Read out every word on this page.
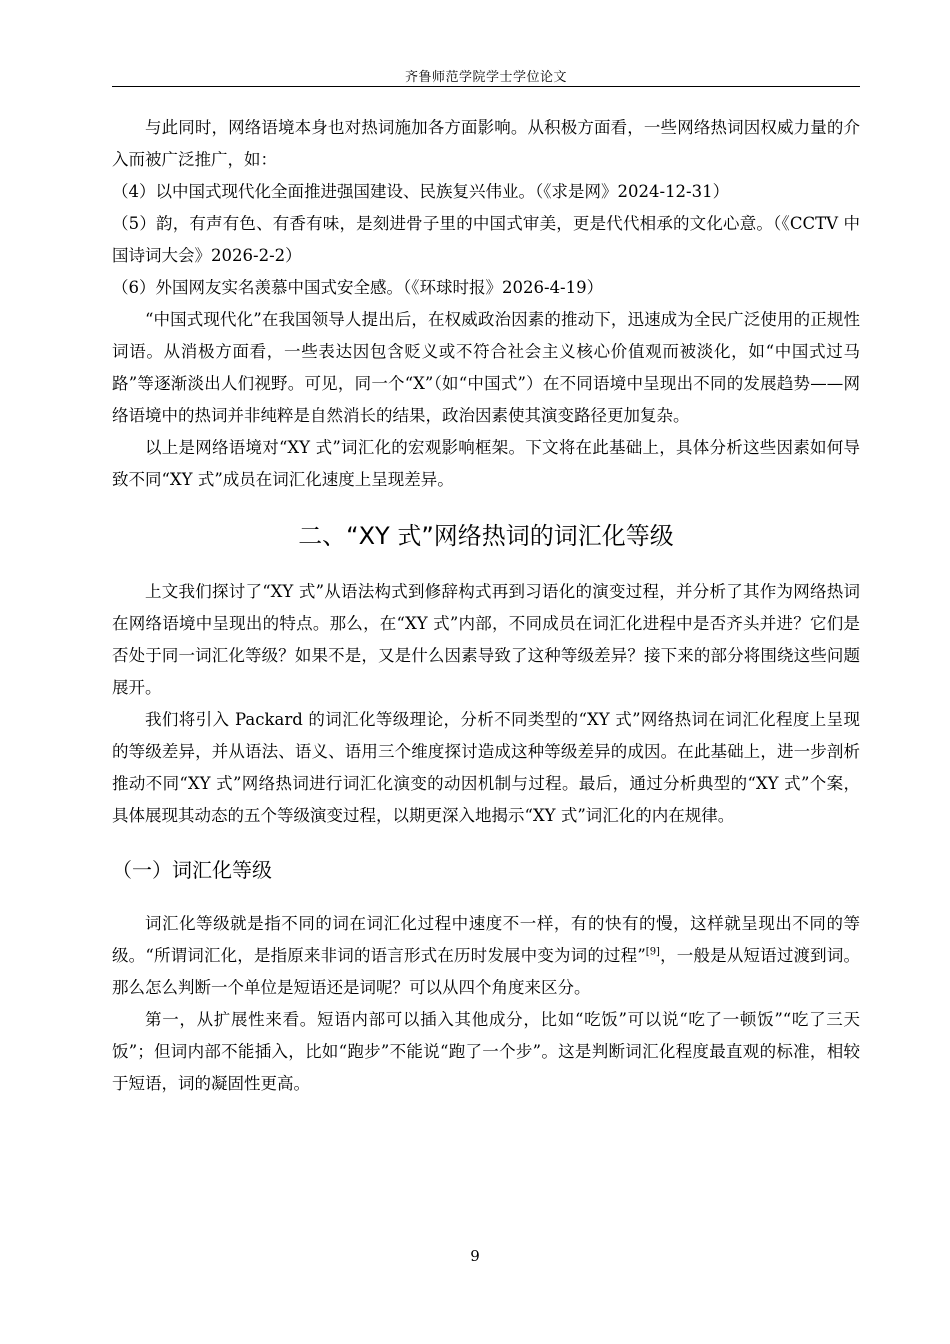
齐鲁师范学院学士学位论文

与此同时，网络语境本身也对热词施加各方面影响。从积极方面看，一些网络热词因权威力量的介入而被广泛推广，如：

（4）以中国式现代化全面推进强国建设、民族复兴伟业。（《求是网》2024-12-31）

（5）韵，有声有色、有香有味，是刻进骨子里的中国式审美，更是代代相承的文化心意。（《CCTV 中国诗词大会》2026-2-2）

（6）外国网友实名羡慕中国式安全感。（《环球时报》2026-4-19）

“中国式现代化”在我国领导人提出后，在权威政治因素的推动下，迅速成为全民广泛使用的正规性词语。从消极方面看，一些表达因包含贬义或不符合社会主义核心价值观而被淡化，如“中国式过马路”等逐渐淡出人们视野。可见，同一个“X”（如“中国式”）在不同语境中呈现出不同的发展趋势——网络语境中的热词并非纯粹是自然消长的结果，政治因素使其演变路径更加复杂。

以上是网络语境对“XY 式”词汇化的宏观影响框架。下文将在此基础上，具体分析这些因素如何导致不同“XY 式”成员在词汇化速度上呈现差异。

二、“XY 式”网络热词的词汇化等级

上文我们探讨了“XY 式”从语法构式到修辞构式再到习语化的演变过程，并分析了其作为网络热词在网络语境中呈现出的特点。那么，在“XY 式”内部，不同成员在词汇化进程中是否齐头并进？它们是否处于同一词汇化等级？如果不是，又是什么因素导致了这种等级差异？接下来的部分将围绕这些问题展开。

我们将引入 Packard 的词汇化等级理论，分析不同类型的“XY 式”网络热词在词汇化程度上呈现的等级差异，并从语法、语义、语用三个维度探讨造成这种等级差异的成因。在此基础上，进一步剖析推动不同“XY 式”网络热词进行词汇化演变的动因机制与过程。最后，通过分析典型的“XY 式”个案，具体展现其动态的五个等级演变过程，以期更深入地揭示“XY 式”词汇化的内在规律。

（一）词汇化等级

词汇化等级就是指不同的词在词汇化过程中速度不一样，有的快有的慢，这样就呈现出不同的等级。“所谓词汇化，是指原来非词的语言形式在历时发展中变为词的过程”[9]，一般是从短语过渡到词。那么怎么判断一个单位是短语还是词呢？可以从四个角度来区分。

第一，从扩展性来看。短语内部可以插入其他成分，比如“吃饭”可以说“吃了一顿饭”“吃了三天饭”；但词内部不能插入，比如“跑步”不能说“跑了一个步”。这是判断词汇化程度最直观的标准，相较于短语，词的凝固性更高。

9
